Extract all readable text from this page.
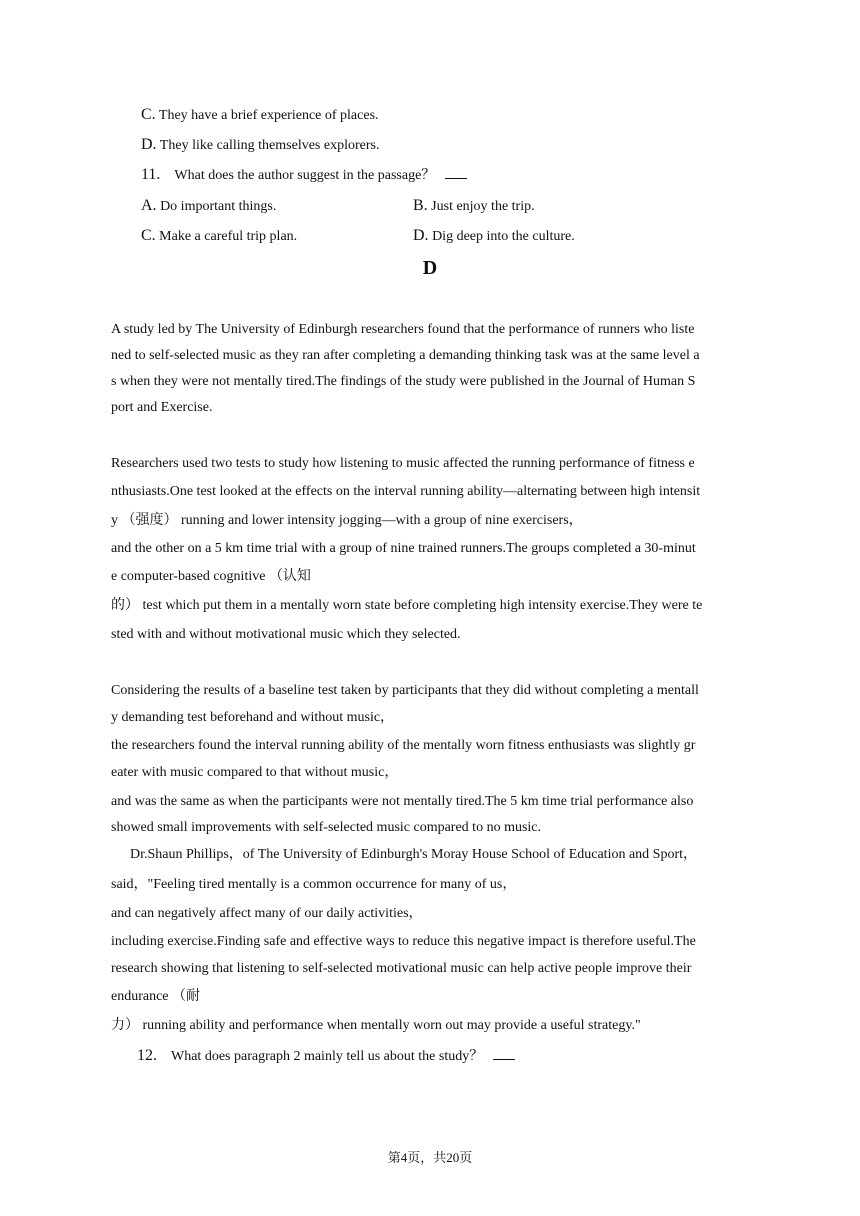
C. They have a brief experience of places.
D. They like calling themselves explorers.
11. What does the author suggest in the passage？
A. Do important things.	B. Just enjoy the trip.
C. Make a careful trip plan.	D. Dig deep into the culture.
D
A study led by The University of Edinburgh researchers found that the performance of runners who liste
ned to self-selected music as they ran after completing a demanding thinking task was at the same level a
s when they were not mentally tired.The findings of the study were published in the Journal of Human S
port and Exercise.
Researchers used two tests to study how listening to music affected the running performance of fitness e
nthusiasts.One test looked at the effects on the interval running ability—alternating between high intensit
y （强度） running and lower intensity jogging—with a group of nine exercisers，
and the other on a 5 km time trial with a group of nine trained runners.The groups completed a 30-minut
e computer-based cognitive （认知
的） test which put them in a mentally worn state before completing high intensity exercise.They were te
sted with and without motivational music which they selected.
Considering the results of a baseline test taken by participants that they did without completing a mentall
y demanding test beforehand and without music，
the researchers found the interval running ability of the mentally worn fitness enthusiasts was slightly gr
eater with music compared to that without music，
and was the same as when the participants were not mentally tired.The 5 km time trial performance also
showed small improvements with self-selected music compared to no music.
Dr.Shaun Phillips，of The University of Edinburgh's Moray House School of Education and Sport，
said，"Feeling tired mentally is a common occurrence for many of us，
and can negatively affect many of our daily activities，
including exercise.Finding safe and effective ways to reduce this negative impact is therefore useful.The
research showing that listening to self-selected motivational music can help active people improve their
endurance （耐
力） running ability and performance when mentally worn out may provide a useful strategy."
12. What does paragraph 2 mainly tell us about the study？
第4页，共20页
